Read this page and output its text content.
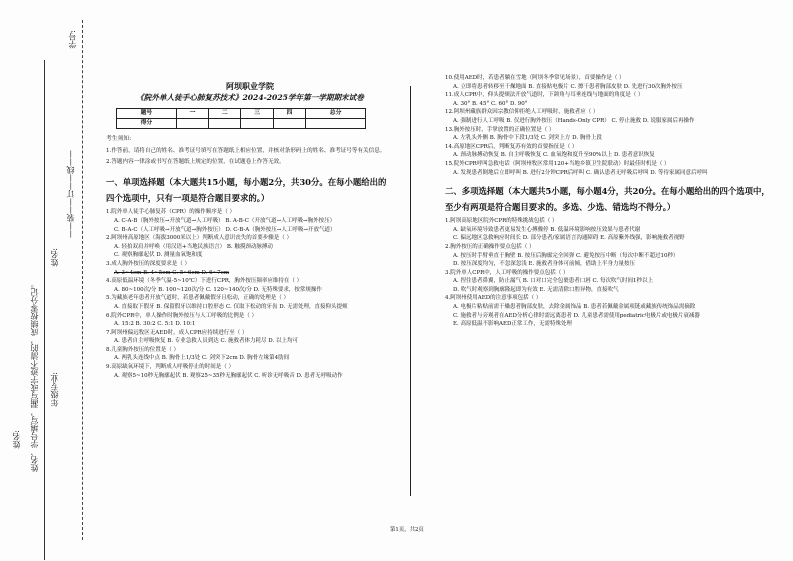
姓名: 姓名、学号填写，漏写或字迹不清的，成绩按零分记。 年级专业:
姓名:
——装——订——线——
学号:
阿坝职业学院
《院外单人徒手心肺复苏技术》2024-2025学年第一学期期末试卷
题号	一	二	三	四	总分
得分					
考生须知:
1.作答前，请将自己的姓名、准考证号填写在答题纸上相应位置，并核对条形码上的姓名、准考证号等有关信息。
2.答题内容一律涂或书写在答题纸上规定的位置，在试题卷上作答无效。
一、单项选择题（本大题共15小题，每小题2分，共30分。在每小题给出的四个选项中，只有一项是符合题目要求的。）
1.院外单人徒手心肺复苏（CPR）的操作顺序是（ ）
A. C-A-B（胸外按压→开放气道→人工呼吸） B. A-B-C（开放气道→人工呼吸→胸外按压）
C. B-A-C（人工呼吸→开放气道→胸外按压） D. C-B-A（胸外按压→人工呼吸→开放气道）
2.阿坝州高原地区（海拔3000米以上）判断成人意识丧失的首要步骤是（ ）
A. 轻拍双肩并呼唤（用汉语+当地民族语言） B. 触摸颈动脉搏动
C. 观察胸廓起伏 D. 测量血氧饱和度
3.成人胸外按压的深度要求是（ ）
A. 3~4cm B. 4~5cm C. 5~6cm D. 6~7cm
4.高原低温环境（冬季气温-5~10℃）下进行CPR，胸外按压频率应维持在（ ）
A. 80~100次/分 B. 100~120次/分 C. 120~140次/分 D. 无特殊要求，按常规操作
5.为藏族老年患者开放气道时，若患者佩戴假牙且松动，正确的处理是（ ）
A. 直接取下假牙 B. 保留假牙以维持口腔形态 C. 仅取下松动的牙齿 D. 无需处理，直接仰头提颏
6.院外CPR中，单人操作时胸外按压与人工呼吸的比例是（ ）
A. 15:2 B. 30:2 C. 5:1 D. 10:1
7.阿坝州偏远牧区无AED时，成人CPR应持续进行至（ ）
A. 患者自主呼吸恢复 B. 专业急救人员到达 C. 施救者体力耗尽 D. 以上均可
8.儿童胸外按压的位置是（ ）
A. 两乳头连线中点 B. 胸骨上1/3处 C. 剑突下2cm D. 胸骨左缘第4肋间
9.高原缺氧环境下，判断成人呼吸停止的时间是（ ）
A. 观察5~10秒无胸廓起伏 B. 观察25~35秒无胸廓起伏 C. 听诊无呼吸音 D. 患者无呼吸动作
10.使用AED时，若患者躺在雪地（阿坝冬季常见场景），首要操作是（ ）
A. 立即将患者转移至干燥地面 B. 直接贴电极片 C. 擦干患者胸部皮肤 D. 先进行30次胸外按压
11.成人CPR中，仰头提颏法开放气道时，下颌角与耳垂连线与地面的角度是（ ）
A. 30° B. 45° C. 60° D. 90°
12.阿坝州藏族群众因宗教信仰拒绝人工呼吸时，施救者应（ ）
A. 强制进行人工呼吸 B. 仅进行胸外按压（Hands-Only CPR） C. 停止施救 D. 说服家属后再操作
13.胸外按压时，手掌放置的正确位置是（ ）
A. 左乳头外侧 B. 胸骨中下段1/3处 C. 剑突上方 D. 胸骨上段
14.高原地区CPR后，判断复苏有效的首要指征是（ ）
A. 颈动脉搏动恢复 B. 自主呼吸恢复 C. 血氧饱和度升至90%以上 D. 患者意识恢复
15.院外CPR呼叫急救电话（阿坝州牧区常用120+当地乡镇卫生院联动）时最佳时机是（ ）
A. 发现患者倒地后立即呼叫 B. 进行2分钟CPR后呼叫 C. 确认患者无呼吸后呼叫 D. 等待家属同意后呼叫
二、多项选择题（本大题共5小题，每小题4分，共20分。在每小题给出的四个选项中，至少有两项是符合题目要求的。多选、少选、错选均不得分。）
1.阿坝高原地区院外CPR的特殊挑战包括（ ）
A. 缺氧环境导致患者更易发生心搏骤停 B. 低温环境影响按压效果与患者代谢
C. 偏远地区急救响应时间长 D. 部分患者/家属语言沟通障碍 E. 高原紫外线强，影响施救者视野
2.胸外按压的正确操作要点包括（ ）
A. 按压时手臂垂直于胸壁 B. 按压后胸廓完全回弹 C. 避免按压中断（每次中断不超过10秒）
D. 按压深度均匀，不忽深忽浅 E. 施救者身体可前倾，借助上半身力量按压
3.院外单人CPR中，人工呼吸的操作要点包括（ ）
A. 捏住患者鼻翼，防止漏气 B. 口对口完全包裹患者口唇 C. 每次吹气时间1秒以上
D. 吹气时观察到胸廓隆起即为有效 E. 无需清除口腔异物，直接吹气
4.阿坝州使用AED的注意事项包括（ ）
A. 电极片粘贴前需干燥患者胸部皮肤，去除金属饰品 B. 患者若佩戴金属项链或藏族传统饰品需摘除
C. 施救者与旁观者在AED分析心律时需远离患者 D. 儿童患者需使用pediatric电极片或电极片衰减器
E. 高原低温不影响AED正常工作，无需特殊处理
第1页，共2页
